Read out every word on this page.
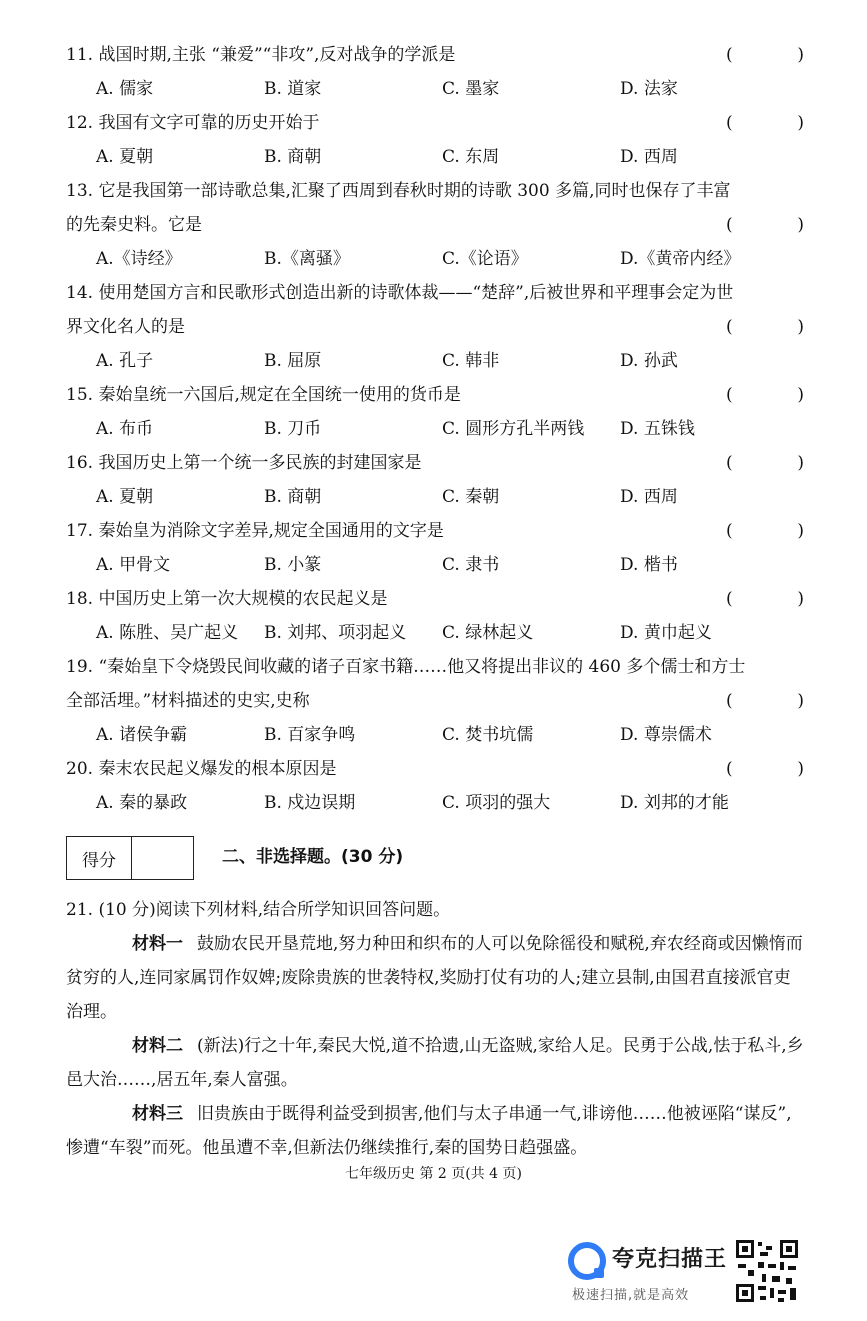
11. 战国时期,主张 “兼爱”“非攻”,反对战争的学派是	(	)
A. 儒家	B. 道家	C. 墨家	D. 法家
12. 我国有文字可靠的历史开始于	(	)
A. 夏朝	B. 商朝	C. 东周	D. 西周
13. 它是我国第一部诗歌总集,汇聚了西周到春秋时期的诗歌 300 多篇,同时也保存了丰富
的先秦史料。它是	(	)
A.《诗经》	B.《离骚》	C.《论语》	D.《黄帝内经》
14. 使用楚国方言和民歌形式创造出新的诗歌体裁——“楚辞”,后被世界和平理事会定为世
界文化名人的是	(	)
A. 孔子	B. 屈原	C. 韩非	D. 孙武
15. 秦始皇统一六国后,规定在全国统一使用的货币是	(	)
A. 布币	B. 刀币	C. 圆形方孔半两钱 D. 五铢钱
16. 我国历史上第一个统一多民族的封建国家是	(	)
A. 夏朝	B. 商朝	C. 秦朝	D. 西周
17. 秦始皇为消除文字差异,规定全国通用的文字是	(	)
A. 甲骨文	B. 小篆	C. 隶书	D. 楷书
18. 中国历史上第一次大规模的农民起义是	(	)
A. 陈胜、吴广起义 B. 刘邦、项羽起义 C. 绿林起义	D. 黄巾起义
19. “秦始皇下令烧毁民间收藏的诸子百家书籍……他又将提出非议的 460 多个儒士和方士
全部活埋。”材料描述的史实,史称	(	)
A. 诸侯争霸	B. 百家争鸣	C. 焚书坑儒	D. 尊崇儒术
20. 秦末农民起义爆发的根本原因是	(	)
A. 秦的暴政	B. 戍边误期	C. 项羽的强大	D. 刘邦的才能
得分	二、非选择题。(30 分)
21. (10 分)阅读下列材料,结合所学知识回答问题。
材料一 鼓励农民开垦荒地,努力种田和织布的人可以免除徭役和赋税,弃农经商或因懒惰而贫穷的人,连同家属罚作奴婢;废除贵族的世袭特权,奖励打仗有功的人;建立县制,由国君直接派官吏治理。
材料二 (新法)行之十年,秦民大悦,道不拾遗,山无盗贼,家给人足。民勇于公战,怯于私斗,乡邑大治……,居五年,秦人富强。
材料三 旧贵族由于既得利益受到损害,他们与太子串通一气,诽谤他……他被诬陷“谋反”,惨遭“车裂”而死。他虽遭不幸,但新法仍继续推行,秦的国势日趋强盛。
七年级历史 第 2 页(共 4 页)
夸克扫描王
极速扫描,就是高效
